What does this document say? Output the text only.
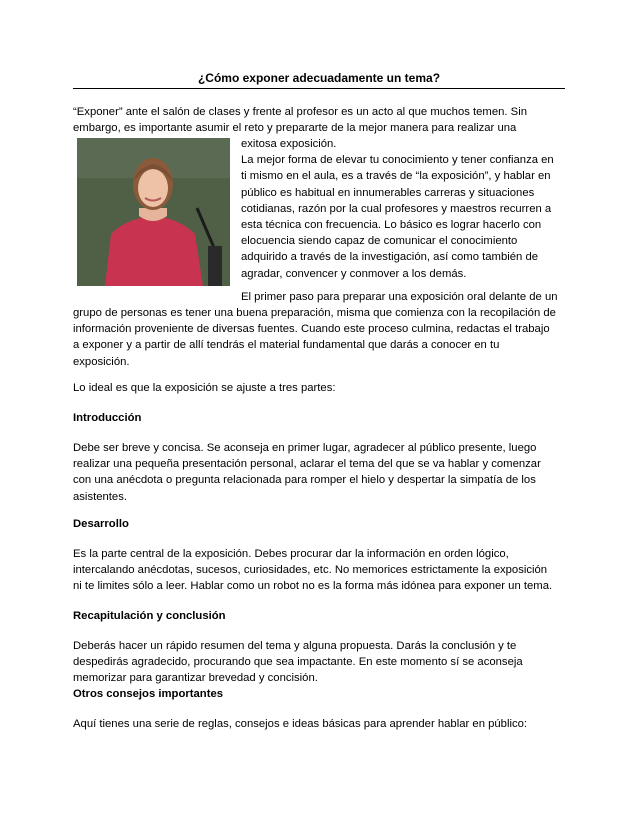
¿Cómo exponer adecuadamente un tema?
“Exponer” ante el salón de clases y frente al profesor es un acto al que muchos temen. Sin
embargo, es importante asumir el reto y prepararte de la mejor manera para realizar una
exitosa exposición.
La mejor forma de elevar tu conocimiento y tener confianza en
ti mismo en el aula, es a través de “la exposición”, y hablar en
público es habitual en innumerables carreras y situaciones
cotidianas, razón por la cual profesores y maestros recurren a
esta técnica con frecuencia. Lo básico es lograr hacerlo con
elocuencia siendo capaz de comunicar el conocimiento
adquirido a través de la investigación, así como también de
agradar, convencer y conmover a los demás.
El primer paso para preparar una exposición oral delante de un
grupo de personas es tener una buena preparación, misma que comienza con la recopilación de
información proveniente de diversas fuentes. Cuando este proceso culmina, redactas el trabajo
a exponer y a partir de allí tendrás el material fundamental que darás a conocer en tu
exposición.
Lo ideal es que la exposición se ajuste a tres partes:
Introducción
Debe ser breve y concisa. Se aconseja en primer lugar, agradecer al público presente, luego
realizar una pequeña presentación personal, aclarar el tema del que se va hablar y comenzar
con una anécdota o pregunta relacionada para romper el hielo y despertar la simpatía de los
asistentes.
Desarrollo
Es la parte central de la exposición. Debes procurar dar la información en orden lógico,
intercalando anécdotas, sucesos, curiosidades, etc. No memorices estrictamente la exposición
ni te limites sólo a leer. Hablar como un robot no es la forma más idónea para exponer un tema.
Recapitulación y conclusión
Deberás hacer un rápido resumen del tema y alguna propuesta. Darás la conclusión y te
despedirás agradecido, procurando que sea impactante. En este momento sí se aconseja
memorizar para garantizar brevedad y concisión.
Otros consejos importantes
Aquí tienes una serie de reglas, consejos e ideas básicas para aprender hablar en público:
